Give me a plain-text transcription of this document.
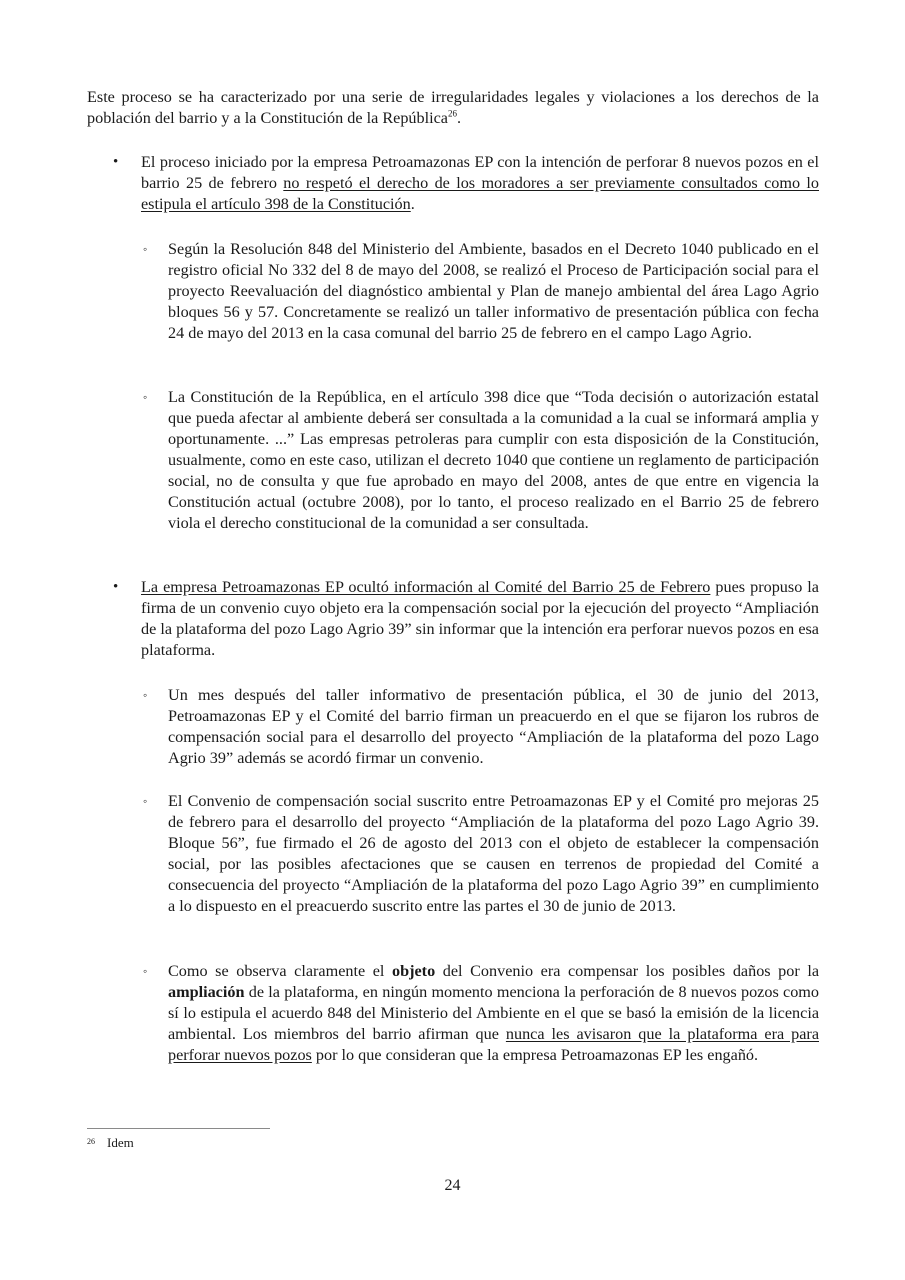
Este proceso se ha caracterizado por una serie de irregularidades legales y violaciones a los derechos de la población del barrio y a la Constitución de la República$^{26}$.

• El proceso iniciado por la empresa Petroamazonas EP con la intención de perforar 8 nuevos pozos en el barrio 25 de febrero no respetó el derecho de los moradores a ser previamente consultados como lo estipula el artículo 398 de la Constitución.
◦ Según la Resolución 848 del Ministerio del Ambiente, basados en el Decreto 1040 publicado en el registro oficial No 332 del 8 de mayo del 2008, se realizó el Proceso de Participación social para el proyecto Reevaluación del diagnóstico ambiental y Plan de manejo ambiental del área Lago Agrio bloques 56 y 57. Concretamente se realizó un taller informativo de presentación pública con fecha 24 de mayo del 2013 en la casa comunal del barrio 25 de febrero en el campo Lago Agrio.
◦ La Constitución de la República, en el artículo 398 dice que “Toda decisión o autorización estatal que pueda afectar al ambiente deberá ser consultada a la comunidad a la cual se informará amplia y oportunamente. ...” Las empresas petroleras para cumplir con esta disposición de la Constitución, usualmente, como en este caso, utilizan el decreto 1040 que contiene un reglamento de participación social, no de consulta y que fue aprobado en mayo del 2008, antes de que entre en vigencia la Constitución actual (octubre 2008), por lo tanto, el proceso realizado en el Barrio 25 de febrero viola el derecho constitucional de la comunidad a ser consultada.
• La empresa Petroamazonas EP ocultó información al Comité del Barrio 25 de Febrero pues propuso la firma de un convenio cuyo objeto era la compensación social por la ejecución del proyecto “Ampliación de la plataforma del pozo Lago Agrio 39” sin informar que la intención era perforar nuevos pozos en esa plataforma.
◦ Un mes después del taller informativo de presentación pública, el 30 de junio del 2013, Petroamazonas EP y el Comité del barrio firman un preacuerdo en el que se fijaron los rubros de compensación social para el desarrollo del proyecto “Ampliación de la plataforma del pozo Lago Agrio 39” además se acordó firmar un convenio.
◦ El Convenio de compensación social suscrito entre Petroamazonas EP y el Comité pro mejoras 25 de febrero para el desarrollo del proyecto “Ampliación de la plataforma del pozo Lago Agrio 39. Bloque 56”, fue firmado el 26 de agosto del 2013 con el objeto de establecer la compensación social, por las posibles afectaciones que se causen en terrenos de propiedad del Comité a consecuencia del proyecto “Ampliación de la plataforma del pozo Lago Agrio 39” en cumplimiento a lo dispuesto en el preacuerdo suscrito entre las partes el 30 de junio de 2013.
◦ Como se observa claramente el objeto del Convenio era compensar los posibles daños por la ampliación de la plataforma, en ningún momento menciona la perforación de 8 nuevos pozos como sí lo estipula el acuerdo 848 del Ministerio del Ambiente en el que se basó la emisión de la licencia ambiental. Los miembros del barrio afirman que nunca les avisaron que la plataforma era para perforar nuevos pozos por lo que consideran que la empresa Petroamazonas EP les engañó.
$^{26}$ Idem
24
